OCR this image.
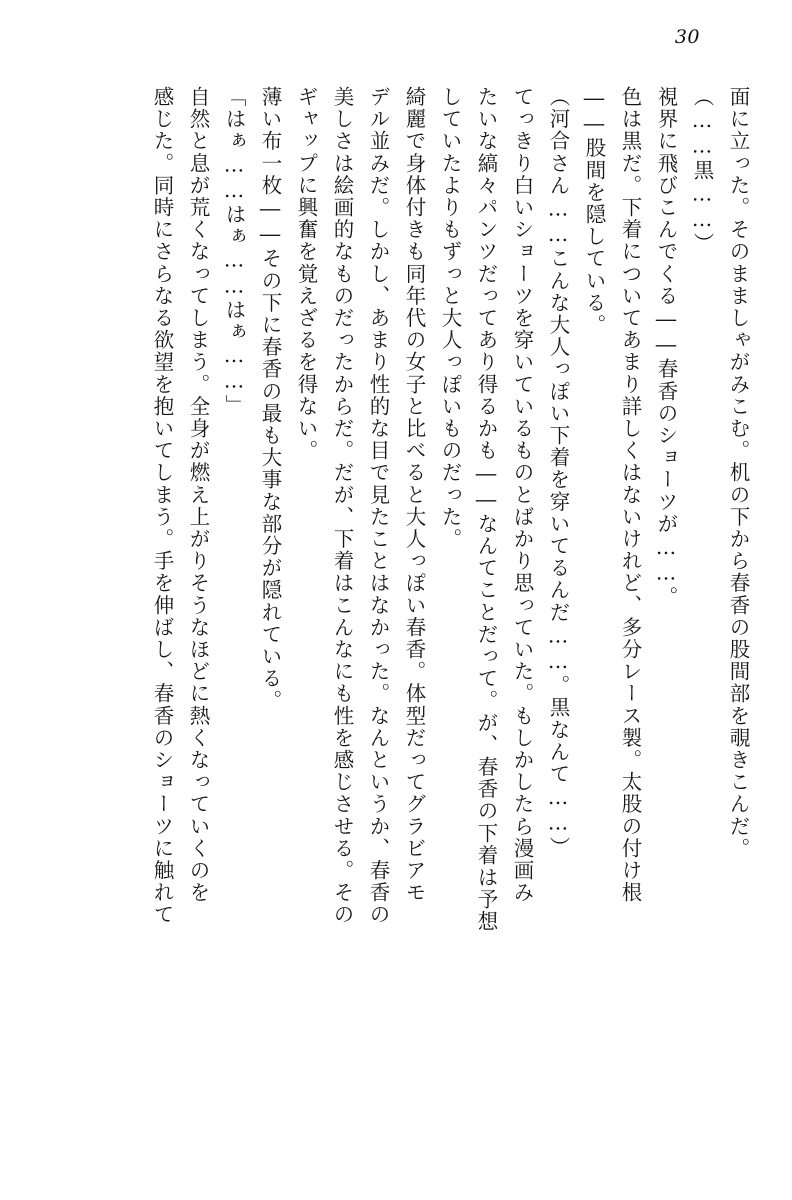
30
面に立った。そのまましゃがみこむ。机の下から春香の股間部を覗きこんだ。
（……黒……）
視界に飛びこんでくる――春香のショーツが……。
色は黒だ。下着についてあまり詳しくはないけれど、多分レース製。太股の付け根
――股間を隠している。
（河合さん……こんな大人っぽい下着を穿いてるんだ……。黒なんて……）
てっきり白いショーツを穿いているものとばかり思っていた。もしかしたら漫画み
たいな縞々パンツだってあり得るかも――なんてことだって。が、春香の下着は予想
していたよりもずっと大人っぽいものだった。
綺麗で身体付きも同年代の女子と比べると大人っぽい春香。体型だってグラビアモ
デル並みだ。しかし、あまり性的な目で見たことはなかった。なんというか、春香の
美しさは絵画的なものだったからだ。だが、下着はこんなにも性を感じさせる。その
ギャップに興奮を覚えざるを得ない。
薄い布一枚――その下に春香の最も大事な部分が隠れている。
「はぁ……はぁ……はぁ……」
自然と息が荒くなってしまう。全身が燃え上がりそうなほどに熱くなっていくのを
感じた。同時にさらなる欲望を抱いてしまう。手を伸ばし、春香のショーツに触れて
